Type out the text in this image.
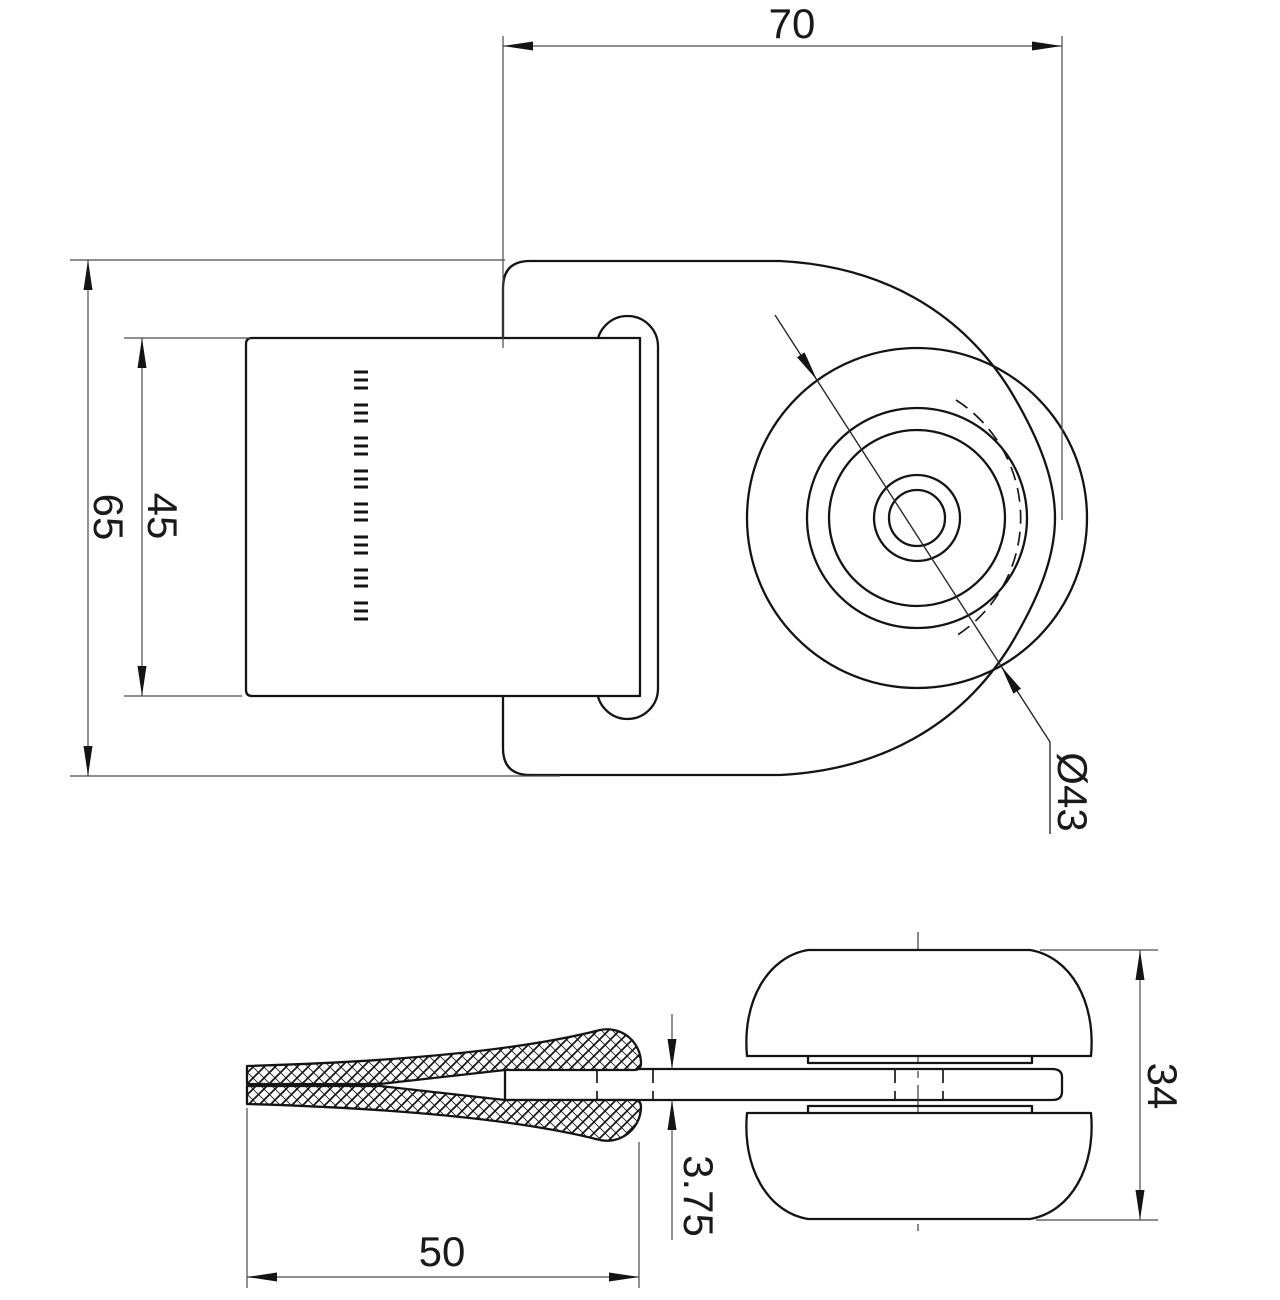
Ø43
70
65 45
34
3.75
50
